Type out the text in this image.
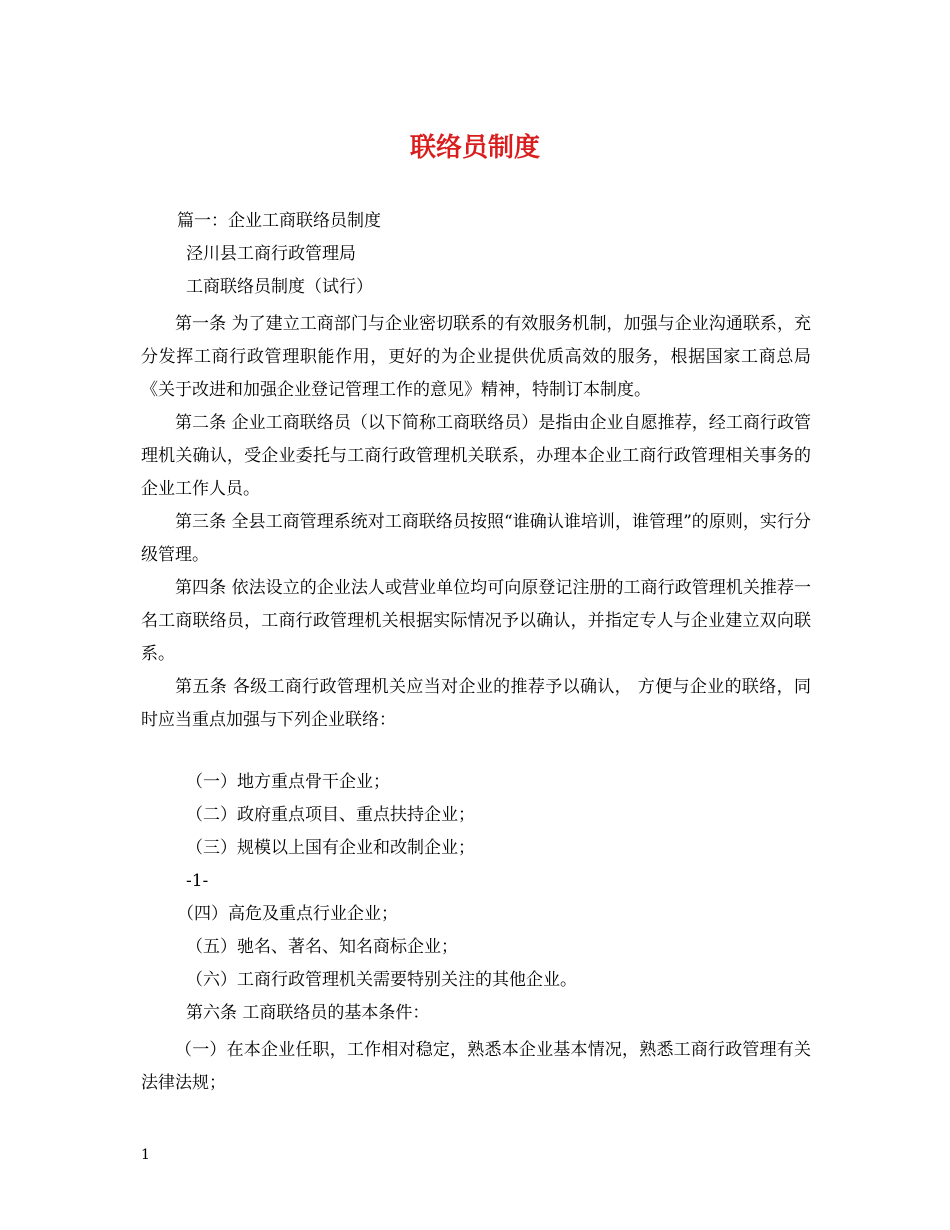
联络员制度
篇一：企业工商联络员制度
泾川县工商行政管理局
工商联络员制度（试行）
第一条 为了建立工商部门与企业密切联系的有效服务机制，加强与企业沟通联系，充分发挥工商行政管理职能作用，更好的为企业提供优质高效的服务，根据国家工商总局《关于改进和加强企业登记管理工作的意见》精神，特制订本制度。
第二条 企业工商联络员（以下简称工商联络员）是指由企业自愿推荐，经工商行政管理机关确认，受企业委托与工商行政管理机关联系，办理本企业工商行政管理相关事务的企业工作人员。
第三条 全县工商管理系统对工商联络员按照“谁确认谁培训，谁管理”的原则，实行分级管理。
第四条 依法设立的企业法人或营业单位均可向原登记注册的工商行政管理机关推荐一名工商联络员，工商行政管理机关根据实际情况予以确认，并指定专人与企业建立双向联系。
第五条 各级工商行政管理机关应当对企业的推荐予以确认， 方便与企业的联络，同时应当重点加强与下列企业联络：
（一）地方重点骨干企业；
（二）政府重点项目、重点扶持企业；
（三）规模以上国有企业和改制企业；
-1-
（四）高危及重点行业企业；
（五）驰名、著名、知名商标企业；
（六）工商行政管理机关需要特别关注的其他企业。
第六条 工商联络员的基本条件：
（一）在本企业任职，工作相对稳定，熟悉本企业基本情况，熟悉工商行政管理有关法律法规；
1
